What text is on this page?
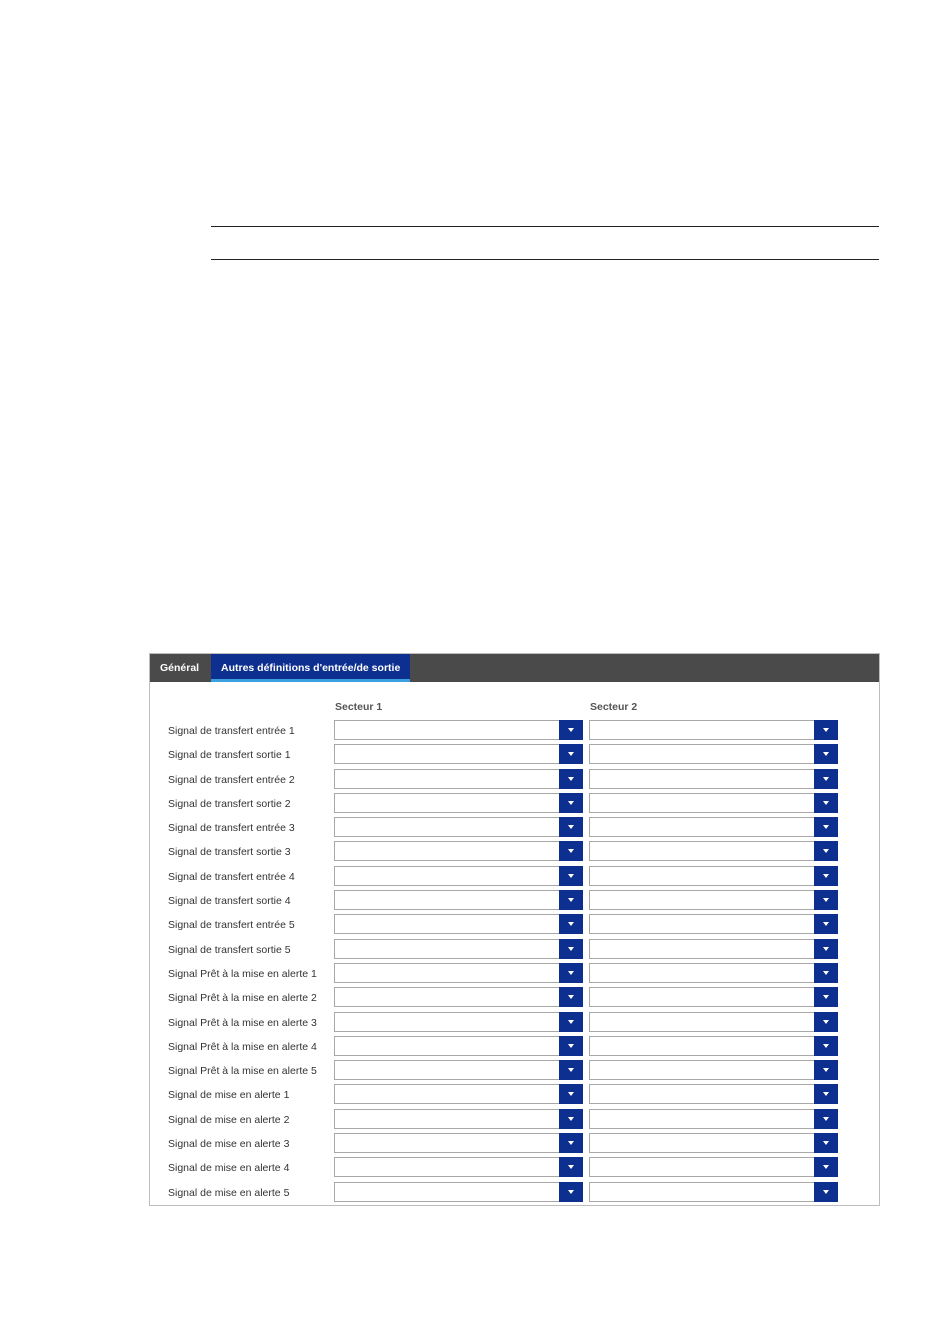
Général	Autres définitions d'entrée/de sortie
Secteur 1	Secteur 2
Signal de transfert entrée 1
Signal de transfert sortie 1
Signal de transfert entrée 2
Signal de transfert sortie 2
Signal de transfert entrée 3
Signal de transfert sortie 3
Signal de transfert entrée 4
Signal de transfert sortie 4
Signal de transfert entrée 5
Signal de transfert sortie 5
Signal Prêt à la mise en alerte 1
Signal Prêt à la mise en alerte 2
Signal Prêt à la mise en alerte 3
Signal Prêt à la mise en alerte 4
Signal Prêt à la mise en alerte 5
Signal de mise en alerte 1
Signal de mise en alerte 2
Signal de mise en alerte 3
Signal de mise en alerte 4
Signal de mise en alerte 5
